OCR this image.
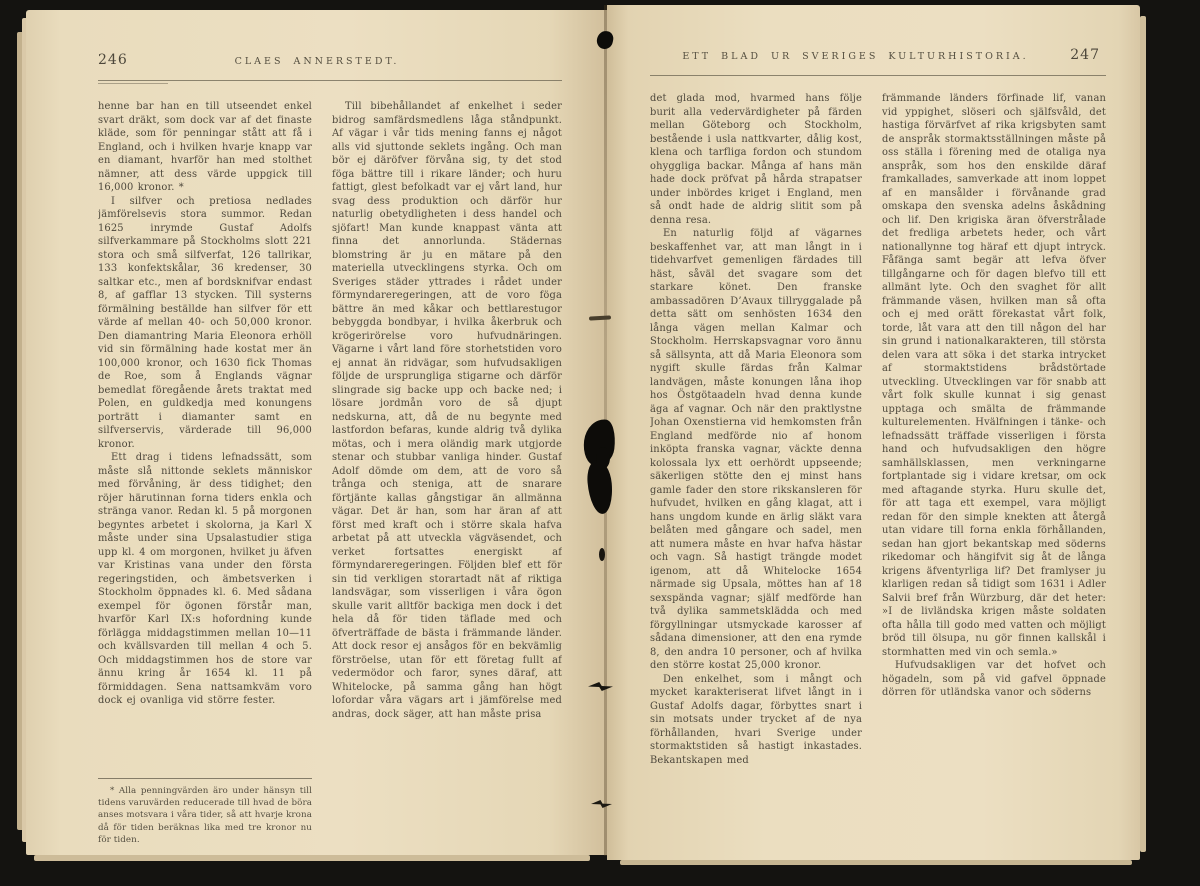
246	CLAES ANNERSTEDT.

henne bar han en till utseendet enkel svart dräkt, som dock var af det finaste kläde, som för penningar stått att få i England, och i hvilken hvarje knapp var en diamant, hvarför han med stolthet nämner, att dess värde uppgick till 16,000 kronor. *

I silfver och pretiosa nedlades jämförelsevis stora summor. Redan 1625 inrymde Gustaf Adolfs silfverkammare på Stockholms slott 221 stora och små silfverfat, 126 tallrikar, 133 konfektskålar, 36 kredenser, 30 saltkar etc., men af bordsknifvar endast 8, af gafflar 13 stycken. Till systerns förmälning beställde han silfver för ett värde af mellan 40- och 50,000 kronor. Den diamantring Maria Eleonora erhöll vid sin förmälning hade kostat mer än 100,000 kronor, och 1630 fick Thomas de Roe, som å Englands vägnar bemedlat föregående årets traktat med Polen, en guldkedja med konungens porträtt i diamanter samt en silfverservis, värderade till 96,000 kronor.

Ett drag i tidens lefnadssätt, som måste slå nittonde seklets människor med förvåning, är dess tidighet; den röjer härutinnan forna tiders enkla och stränga vanor. Redan kl. 5 på morgonen begyntes arbetet i skolorna, ja Karl X måste under sina Upsalastudier stiga upp kl. 4 om morgonen, hvilket ju äfven var Kristinas vana under den första regeringstiden, och ämbetsverken i Stockholm öppnades kl. 6. Med sådana exempel för ögonen förstår man, hvarför Karl IX:s hofordning kunde förlägga middagstimmen mellan 10—11 och kvällsvarden till mellan 4 och 5. Och middagstimmen hos de store var ännu kring år 1654 kl. 11 på förmiddagen. Sena nattsamkväm voro dock ej ovanliga vid större fester.

* Alla penningvärden äro under hänsyn till tidens varuvärden reducerade till hvad de böra anses motsvara i våra tider, så att hvarje krona då för tiden beräknas lika med tre kronor nu för tiden.

Till bibehållandet af enkelhet i seder bidrog samfärdsmedlens låga ståndpunkt. Af vägar i vår tids mening fanns ej något alls vid sjuttonde seklets ingång. Och man bör ej däröfver förvåna sig, ty det stod föga bättre till i rikare länder; och huru fattigt, glest befolkadt var ej vårt land, hur svag dess produktion och därför hur naturlig obetydligheten i dess handel och sjöfart! Man kunde knappast vänta att finna det annorlunda. Städernas blomstring är ju en mätare på den materiella utvecklingens styrka. Och om Sveriges städer yttrades i rådet under förmyndareregeringen, att de voro föga bättre än med kåkar och bettlarestugor bebyggda bondbyar, i hvilka åkerbruk och krögerirörelse voro hufvudnäringen. Vägarne i vårt land före storhetstiden voro ej annat än ridvägar, som hufvudsakligen följde de ursprungliga stigarne och därför slingrade sig backe upp och backe ned; i lösare jordmån voro de så djupt nedskurna, att, då de nu begynte med lastfordon befaras, kunde aldrig två dylika mötas, och i mera oländig mark utgjorde stenar och stubbar vanliga hinder. Gustaf Adolf dömde om dem, att de voro så trånga och steniga, att de snarare förtjänte kallas gångstigar än allmänna vägar. Det är han, som har äran af att först med kraft och i större skala hafva arbetat på att utveckla vägväsendet, och verket fortsattes energiskt af förmyndareregeringen. Följden blef ett för sin tid verkligen storartadt nät af riktiga landsvägar, som visserligen i våra ögon skulle varit alltför backiga men dock i det hela då för tiden täflade med och öfverträffade de bästa i främmande länder. Att dock resor ej ansågos för en bekvämlig förströelse, utan för ett företag fullt af vedermödor och faror, synes däraf, att Whitelocke, på samma gång han högt lofordar våra vägars art i jämförelse med andras, dock säger, att han måste prisa

247
ETT BLAD UR SVERIGES KULTURHISTORIA.

det glada mod, hvarmed hans följe burit alla vedervärdigheter på färden mellan Göteborg och Stockholm, bestående i usla nattkvarter, dålig kost, klena och tarfliga fordon och stundom ohyggliga backar. Många af hans män hade dock pröfvat på hårda strapatser under inbördes kriget i England, men så ondt hade de aldrig slitit som på denna resa.

En naturlig följd af vägarnes beskaffenhet var, att man långt in i tidehvarfvet gemenligen färdades till häst, såväl det svagare som det starkare könet. Den franske ambassadören D’Avaux tillryggalade på detta sätt om senhösten 1634 den långa vägen mellan Kalmar och Stockholm. Herrskapsvagnar voro ännu så sällsynta, att då Maria Eleonora som nygift skulle färdas från Kalmar landvägen, måste konungen låna ihop hos Östgötaadeln hvad denna kunde äga af vagnar. Och när den praktlystne Johan Oxenstierna vid hemkomsten från England medförde nio af honom inköpta franska vagnar, väckte denna kolossala lyx ett oerhördt uppseende; säkerligen stötte den ej minst hans gamle fader den store rikskansleren för hufvudet, hvilken en gång klagat, att i hans ungdom kunde en ärlig släkt vara belåten med gångare och sadel, men att numera måste en hvar hafva hästar och vagn. Så hastigt trängde modet igenom, att då Whitelocke 1654 närmade sig Upsala, möttes han af 18 sexspända vagnar; själf medförde han två dylika sammetsklädda och med förgyllningar utsmyckade karosser af sådana dimensioner, att den ena rymde 8, den andra 10 personer, och af hvilka den större kostat 25,000 kronor.

Den enkelhet, som i mångt och mycket karakteriserat lifvet långt in i Gustaf Adolfs dagar, förbyttes snart i sin motsats under trycket af de nya förhållanden, hvari Sverige under stormaktstiden så hastigt inkastades. Bekantskapen med

främmande länders förfinade lif, vanan vid yppighet, slöseri och själfsvåld, det hastiga förvärfvet af rika krigsbyten samt de anspråk stormaktsställningen måste på oss ställa i förening med de otaliga nya anspråk, som hos den enskilde däraf framkallades, samverkade att inom loppet af en mansålder i förvånande grad omskapa den svenska adelns åskådning och lif. Den krigiska äran öfverstrålade det fredliga arbetets heder, och vårt nationallynne tog häraf ett djupt intryck. Fåfänga samt begär att lefva öfver tillgångarne och för dagen blefvo till ett allmänt lyte. Och den svaghet för allt främmande väsen, hvilken man så ofta och ej med orätt förekastat vårt folk, torde, låt vara att den till någon del har sin grund i nationalkarakteren, till största delen vara att söka i det starka intrycket af stormaktstidens brådstörtade utveckling. Utvecklingen var för snabb att vårt folk skulle kunnat i sig genast upptaga och smälta de främmande kulturelementen. Hvälfningen i tänke- och lefnadssätt träffade visserligen i första hand och hufvudsakligen den högre samhällsklassen, men verkningarne fortplantade sig i vidare kretsar, om ock med aftagande styrka. Huru skulle det, för att taga ett exempel, vara möjligt redan för den simple knekten att återgå utan vidare till forna enkla förhållanden, sedan han gjort bekantskap med söderns rikedomar och hängifvit sig åt de långa krigens äfventyrliga lif? Det framlyser ju klarligen redan så tidigt som 1631 i Adler Salvii bref från Würzburg, där det heter: »I de livländska krigen måste soldaten ofta hålla till godo med vatten och möjligt bröd till ölsupa, nu gör finnen kallskål i stormhatten med vin och semla.»

Hufvudsakligen var det hofvet och högadeln, som på vid gafvel öppnade dörren för utländska vanor och söderns
